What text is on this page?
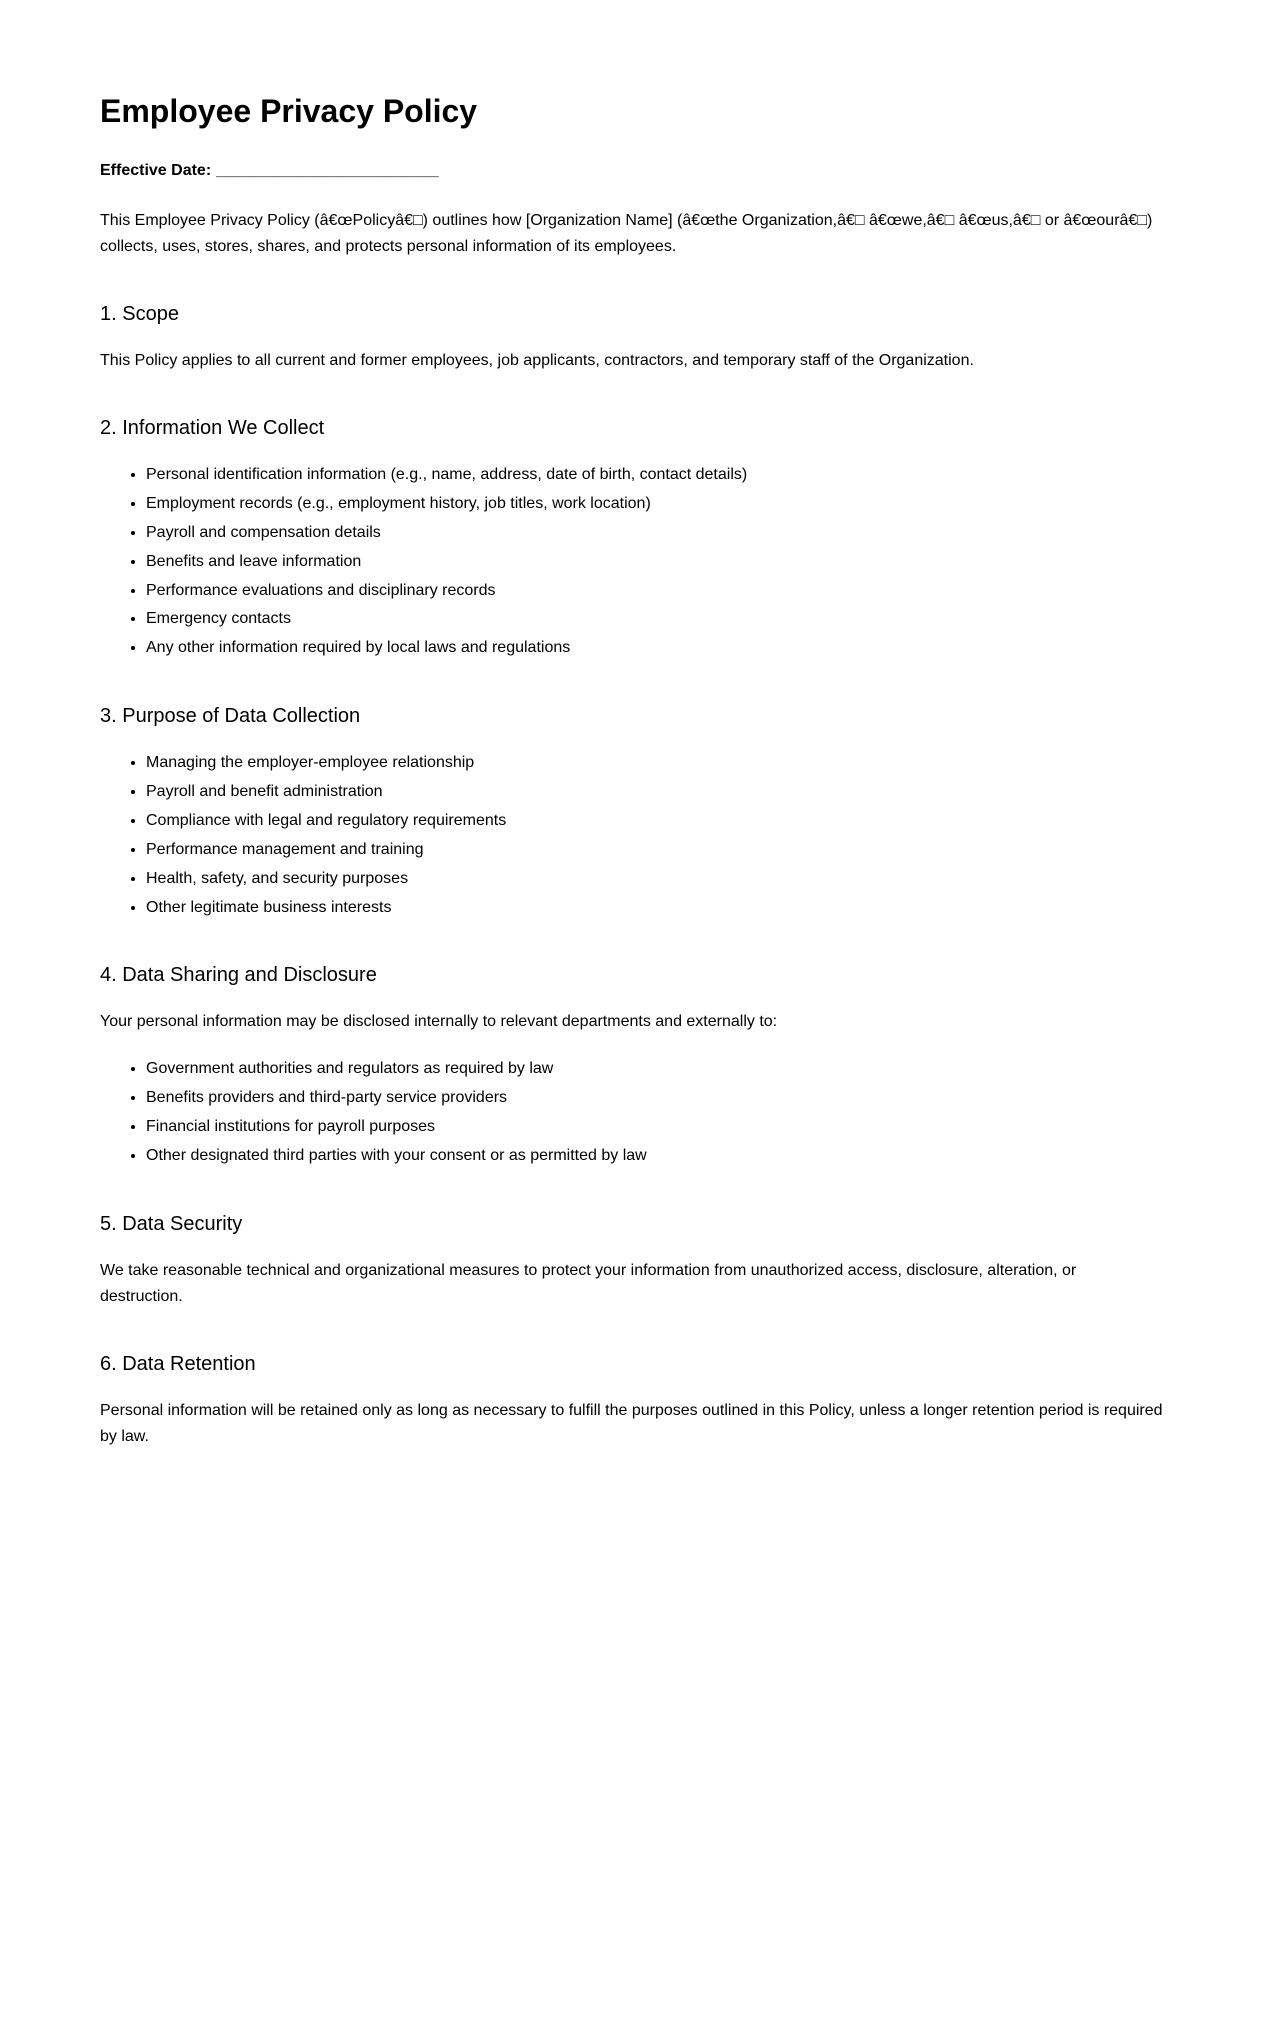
Employee Privacy Policy

Effective Date: _________________________

This Employee Privacy Policy (â€œPolicyâ€□) outlines how [Organization Name] (â€œthe Organization,â€□ â€œwe,â€□ â€œus,â€□ or â€œourâ€□) collects, uses, stores, shares, and protects personal information of its employees.

1. Scope

This Policy applies to all current and former employees, job applicants, contractors, and temporary staff of the Organization.

2. Information We Collect
• Personal identification information (e.g., name, address, date of birth, contact details)
• Employment records (e.g., employment history, job titles, work location)
• Payroll and compensation details
• Benefits and leave information
• Performance evaluations and disciplinary records
• Emergency contacts
• Any other information required by local laws and regulations
3. Purpose of Data Collection
• Managing the employer-employee relationship
• Payroll and benefit administration
• Compliance with legal and regulatory requirements
• Performance management and training
• Health, safety, and security purposes
• Other legitimate business interests
4. Data Sharing and Disclosure

Your personal information may be disclosed internally to relevant departments and externally to:

• Government authorities and regulators as required by law
• Benefits providers and third-party service providers
• Financial institutions for payroll purposes
• Other designated third parties with your consent or as permitted by law
5. Data Security

We take reasonable technical and organizational measures to protect your information from unauthorized access, disclosure, alteration, or destruction.

6. Data Retention

Personal information will be retained only as long as necessary to fulfill the purposes outlined in this Policy, unless a longer retention period is required by law.
